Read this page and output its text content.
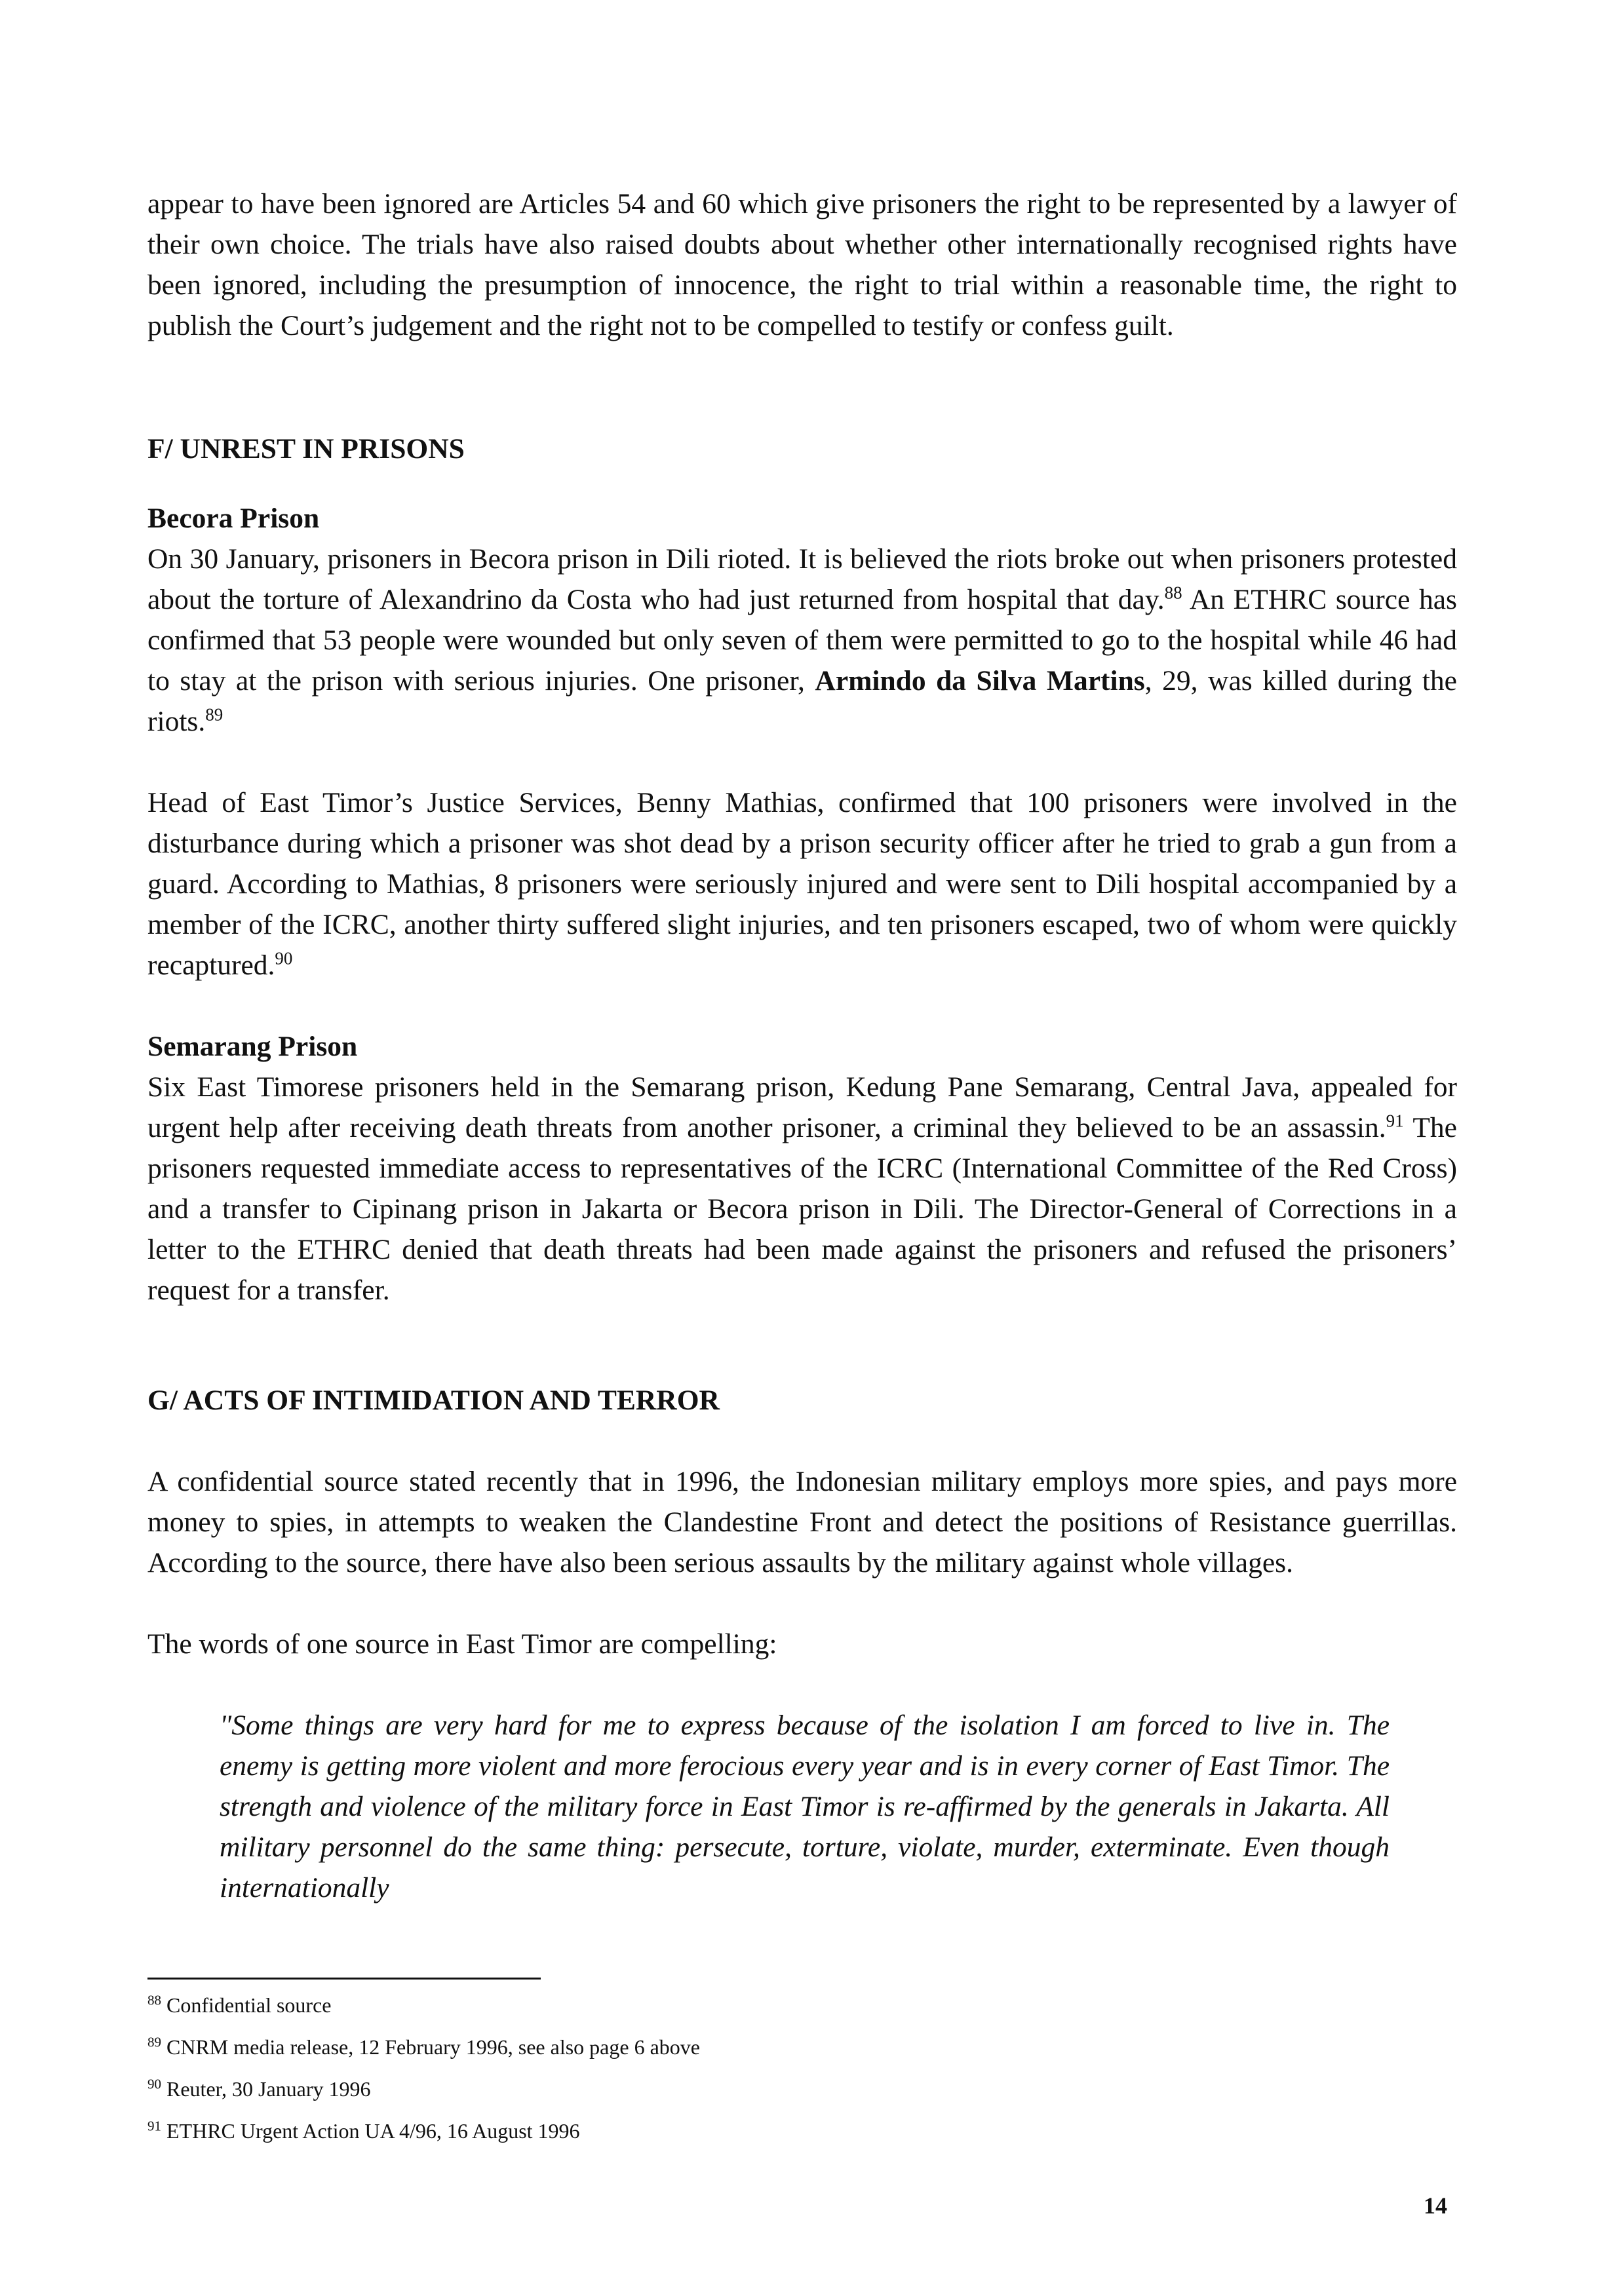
appear to have been ignored are Articles 54 and 60 which give prisoners the right to be represented by a lawyer of their own choice. The trials have also raised doubts about whether other internationally recognised rights have been ignored, including the presumption of innocence, the right to trial within a reasonable time, the right to publish the Court’s judgement and the right not to be compelled to testify or confess guilt.

F/ UNREST IN PRISONS

Becora Prison

On 30 January, prisoners in Becora prison in Dili rioted. It is believed the riots broke out when prisoners protested about the torture of Alexandrino da Costa who had just returned from hospital that day.$^{88}$ An ETHRC source has confirmed that 53 people were wounded but only seven of them were permitted to go to the hospital while 46 had to stay at the prison with serious injuries. One prisoner, Armindo da Silva Martins, 29, was killed during the riots.$^{89}$

Head of East Timor’s Justice Services, Benny Mathias, confirmed that 100 prisoners were involved in the disturbance during which a prisoner was shot dead by a prison security officer after he tried to grab a gun from a guard. According to Mathias, 8 prisoners were seriously injured and were sent to Dili hospital accompanied by a member of the ICRC, another thirty suffered slight injuries, and ten prisoners escaped, two of whom were quickly recaptured.$^{90}$

Semarang Prison

Six East Timorese prisoners held in the Semarang prison, Kedung Pane Semarang, Central Java, appealed for urgent help after receiving death threats from another prisoner, a criminal they believed to be an assassin.$^{91}$ The prisoners requested immediate access to representatives of the ICRC (International Committee of the Red Cross) and a transfer to Cipinang prison in Jakarta or Becora prison in Dili. The Director-General of Corrections in a letter to the ETHRC denied that death threats had been made against the prisoners and refused the prisoners’ request for a transfer.

G/ ACTS OF INTIMIDATION AND TERROR

A confidential source stated recently that in 1996, the Indonesian military employs more spies, and pays more money to spies, in attempts to weaken the Clandestine Front and detect the positions of Resistance guerrillas. According to the source, there have also been serious assaults by the military against whole villages.

The words of one source in East Timor are compelling:

"Some things are very hard for me to express because of the isolation I am forced to live in. The enemy is getting more violent and more ferocious every year and is in every corner of East Timor. The strength and violence of the military force in East Timor is re-affirmed by the generals in Jakarta. All military personnel do the same thing: persecute, torture, violate, murder, exterminate. Even though internationally

$^{88}$ Confidential source

$^{89}$ CNRM media release, 12 February 1996, see also page 6 above

$^{90}$ Reuter, 30 January 1996

$^{91}$ ETHRC Urgent Action UA 4/96, 16 August 1996

14
